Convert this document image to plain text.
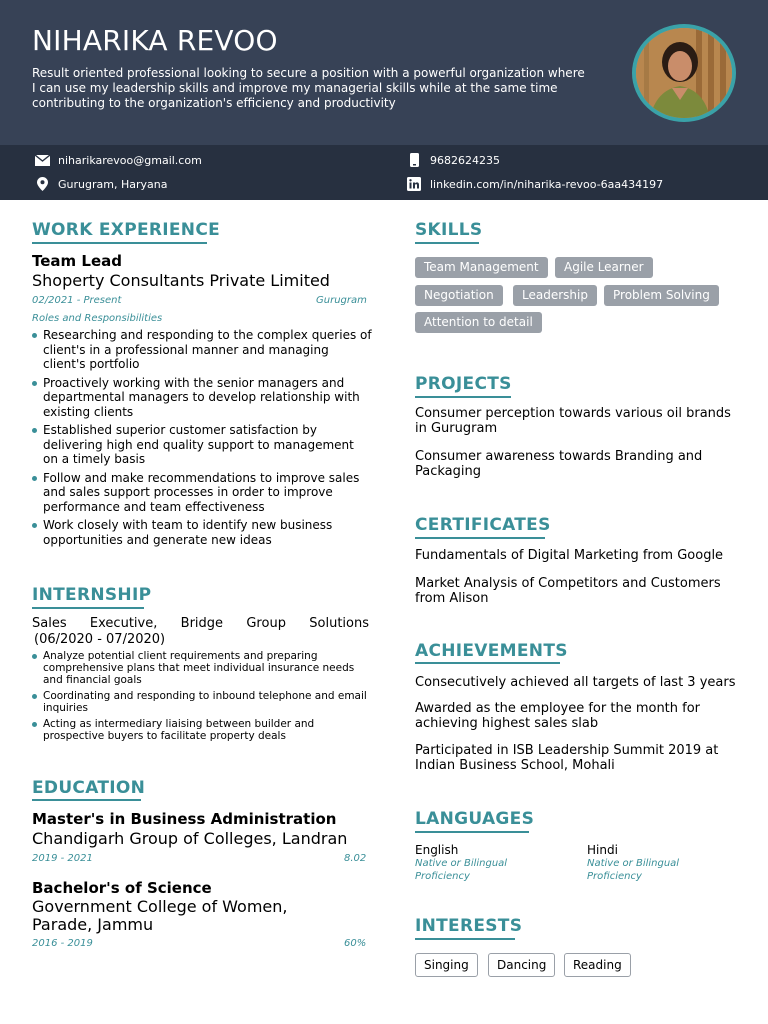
NIHARIKA REVOO
Result oriented professional looking to secure a position with a powerful organization where I can use my leadership skills and improve my managerial skills while at the same time contributing to the organization's efficiency and productivity
niharikarevoo@gmail.com	9682624235
Gurugram, Haryana	linkedin.com/in/niharika-revoo-6aa434197
WORK EXPERIENCE
Team Lead
Shoperty Consultants Private Limited
02/2021 - Present	Gurugram
Roles and Responsibilities
Researching and responding to the complex queries of client's in a professional manner and managing client's portfolio
Proactively working with the senior managers and departmental managers to develop relationship with existing clients
Established superior customer satisfaction by delivering high end quality support to management on a timely basis
Follow and make recommendations to improve sales and sales support processes in order to improve performance and team effectiveness
Work closely with team to identify new business opportunities and generate new ideas
INTERNSHIP
Sales Executive, Bridge Group Solutions
(06/2020 - 07/2020)
Analyze potential client requirements and preparing comprehensive plans that meet individual insurance needs and financial goals
Coordinating and responding to inbound telephone and email inquiries
Acting as intermediary liaising between builder and prospective buyers to facilitate property deals
EDUCATION
Master's in Business Administration
Chandigarh Group of Colleges, Landran
2019 - 2021	8.02
Bachelor's of Science
Government College of Women, Parade, Jammu
2016 - 2019	60%
SKILLS
Team Management	Agile Learner
Negotiation	Leadership	Problem Solving
Attention to detail
PROJECTS
Consumer perception towards various oil brands in Gurugram
Consumer awareness towards Branding and Packaging
CERTIFICATES
Fundamentals of Digital Marketing from Google
Market Analysis of Competitors and Customers from Alison
ACHIEVEMENTS
Consecutively achieved all targets of last 3 years
Awarded as the employee for the month for achieving highest sales slab
Participated in ISB Leadership Summit 2019 at Indian Business School, Mohali
LANGUAGES
English
Native or Bilingual Proficiency
Hindi
Native or Bilingual Proficiency
INTERESTS
Singing	Dancing	Reading
